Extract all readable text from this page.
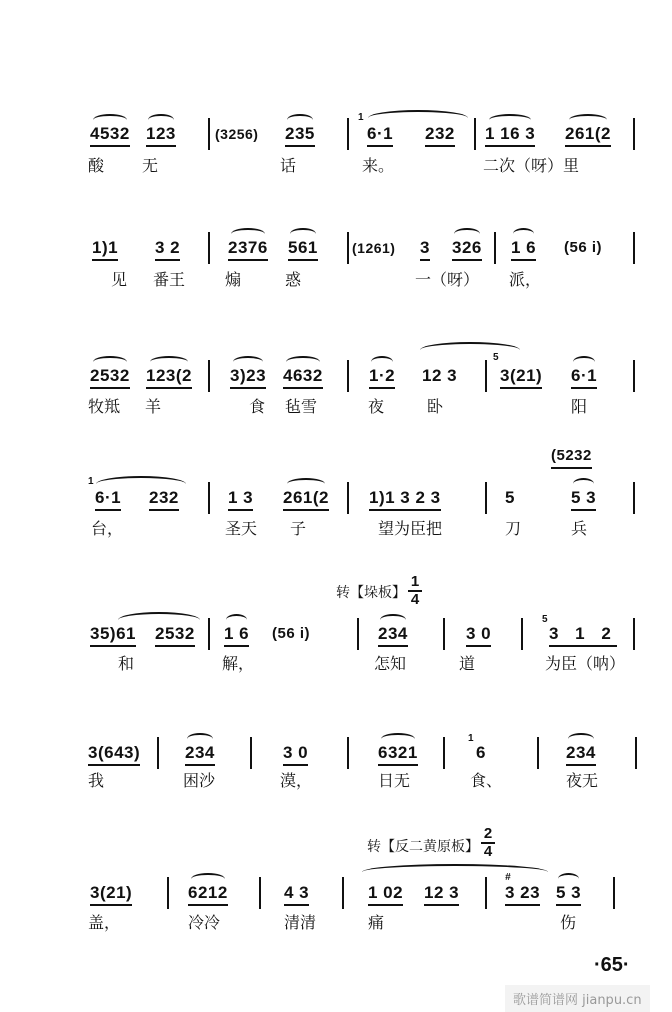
4532 123	(3256) 235
1
6·1 232 1 16 3 261(2
酸 无	话	来。	二次（呀）里
1)1 3 2	2376 561 (1261) 3 326 1 6 (56 i)
见 番王 煽	惑	一（呀） 派，
2532 123(2 3)23 4632	1·2 12 3
5
3(21) 6·1
牧羝 羊	食 毡雪	夜	卧	阳
(5232
1
6·1 232	1 3 261(2 1)1 3 2 3	5	5 3
台，	圣天 子	望为臣把	刀	兵
转【垛板】 $\frac{1}{4}$
35)61 2532 1 6 (56 i)	234	3 0
5
3 1 2
和	解，	怎知	道	为臣（呐）
3(643)	234	3 0	6321
1
6	234
我	困沙	漠，	日无	食、	夜无
转【反二黄原板】 $\frac{2}{4}$
3(21)	6212	4 3	1 02 12 3
#
3 23 5 3
盖，	冷冷	清清	痛	伤
·65·
歌谱简谱网 jianpu.cn
